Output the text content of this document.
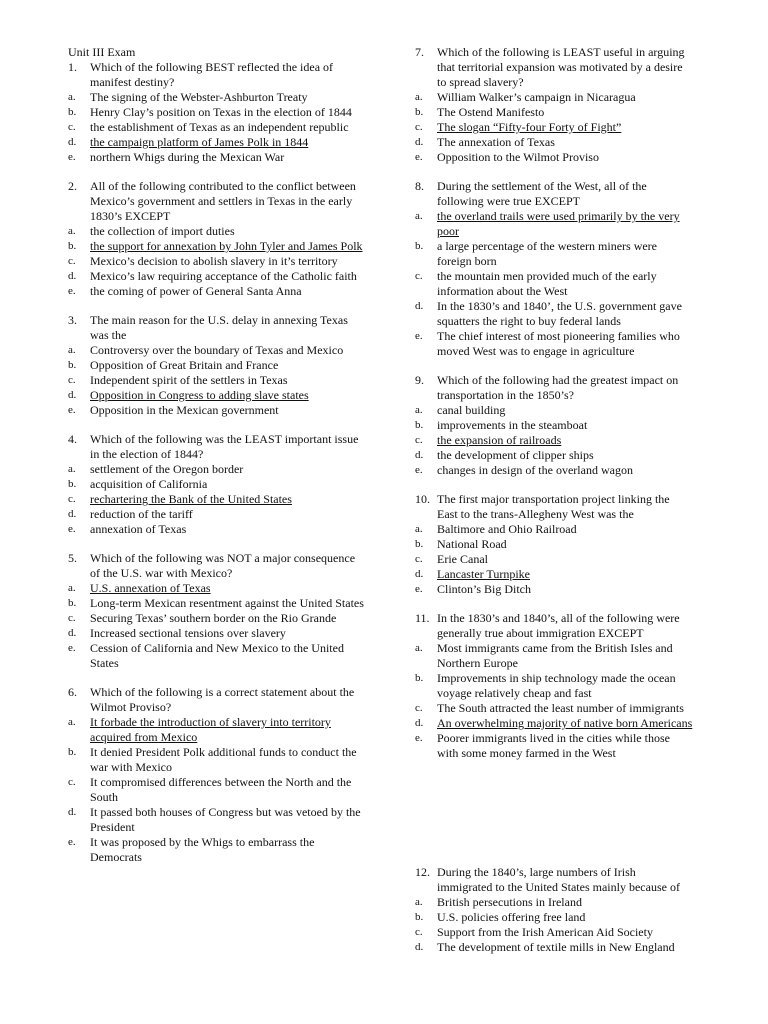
Unit III Exam
1.	Which of the following BEST reflected the idea of manifest destiny?
a.	The signing of the Webster-Ashburton Treaty
b.	Henry Clay’s position on Texas in the election of 1844
c.	the establishment of Texas as an independent republic
d.	the campaign platform of James Polk in 1844
e.	northern Whigs during the Mexican War
2.	All of the following contributed to the conflict between Mexico’s government and settlers in Texas in the early 1830’s EXCEPT
a.	the collection of import duties
b.	the support for annexation by John Tyler and James Polk
c.	Mexico’s decision to abolish slavery in it’s territory
d.	Mexico’s law requiring acceptance of the Catholic faith
e.	the coming of power of General Santa Anna
3.	The main reason for the U.S. delay in annexing Texas was the
a.	Controversy over the boundary of Texas and Mexico
b.	Opposition of Great Britain and France
c.	Independent spirit of the settlers in Texas
d.	Opposition in Congress to adding slave states
e.	Opposition in the Mexican government
4.	Which of the following was the LEAST important issue in the election of 1844?
a.	settlement of the Oregon border
b.	acquisition of California
c.	rechartering the Bank of the United States
d.	reduction of the tariff
e.	annexation of Texas
5.	Which of the following was NOT a major consequence of the U.S. war with Mexico?
a.	U.S. annexation of Texas
b.	Long-term Mexican resentment against the United States
c.	Securing Texas’ southern border on the Rio Grande
d.	Increased sectional tensions over slavery
e.	Cession of California and New Mexico to the United States
6.	Which of the following is a correct statement about the Wilmot Proviso?
a.	It forbade the introduction of slavery into territory acquired from Mexico
b.	It denied President Polk additional funds to conduct the war with Mexico
c.	It compromised differences between the North and the South
d.	It passed both houses of Congress but was vetoed by the President
e.	It was proposed by the Whigs to embarrass the Democrats
7.	Which of the following is LEAST useful in arguing that territorial expansion was motivated by a desire to spread slavery?
a.	William Walker’s campaign in Nicaragua
b.	The Ostend Manifesto
c.	The slogan “Fifty-four Forty of Fight”
d.	The annexation of Texas
e.	Opposition to the Wilmot Proviso
8.	During the settlement of the West, all of the following were true EXCEPT
a.	the overland trails were used primarily by the very poor
b.	a large percentage of the western miners were foreign born
c.	the mountain men provided much of the early information about the West
d.	In the 1830’s and 1840’, the U.S. government gave squatters the right to buy federal lands
e.	The chief interest of most pioneering families who moved West was to engage in agriculture
9.	Which of the following had the greatest impact on transportation in the 1850’s?
a.	canal building
b.	improvements in the steamboat
c.	the expansion of railroads
d.	the development of clipper ships
e.	changes in design of the overland wagon
10. The first major transportation project linking the East to the trans-Allegheny West was the
a.	Baltimore and Ohio Railroad
b.	National Road
c.	Erie Canal
d.	Lancaster Turnpike
e.	Clinton’s Big Ditch
11. In the 1830’s and 1840’s, all of the following were generally true about immigration EXCEPT
a.	Most immigrants came from the British Isles and Northern Europe
b.	Improvements in ship technology made the ocean voyage relatively cheap and fast
c.	The South attracted the least number of immigrants
d.	An overwhelming majority of native born Americans
e.	Poorer immigrants lived in the cities while those with some money farmed in the West
12. During the 1840’s, large numbers of Irish immigrated to the United States mainly because of
a.	British persecutions in Ireland
b.	U.S. policies offering free land
c.	Support from the Irish American Aid Society
d.	The development of textile mills in New England
